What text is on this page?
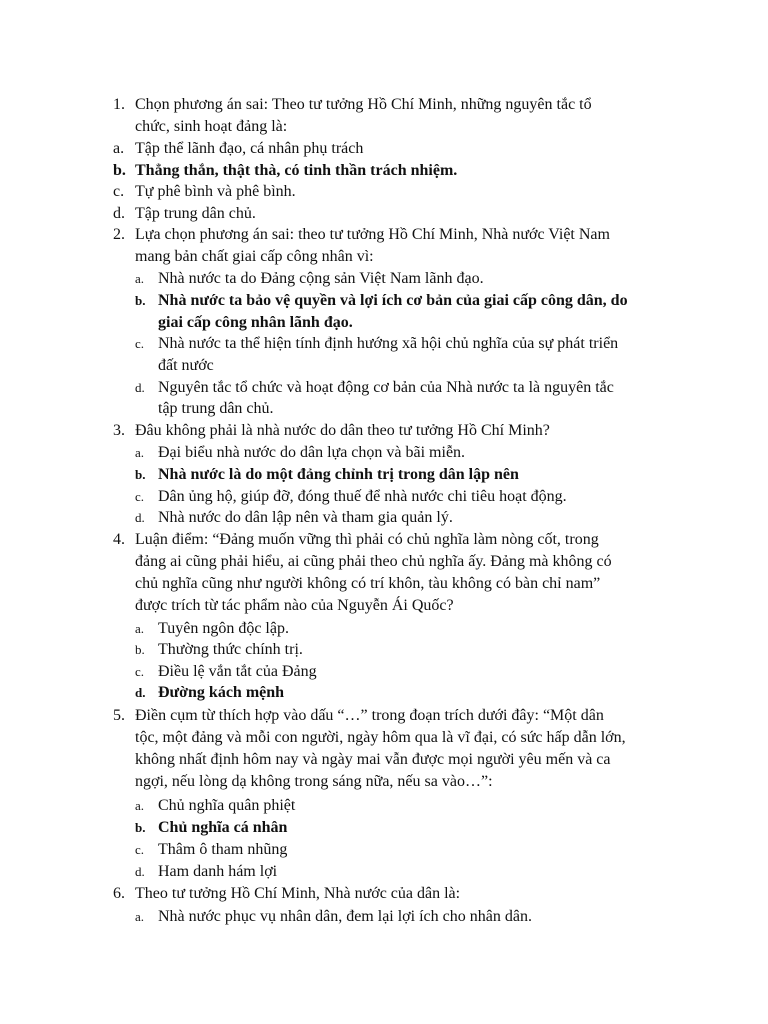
1. Chọn phương án sai: Theo tư tưởng Hồ Chí Minh, những nguyên tắc tổ
chức, sinh hoạt đảng là:
a. Tập thể lãnh đạo, cá nhân phụ trách
b. Thẳng thắn, thật thà, có tinh thần trách nhiệm.
c. Tự phê bình và phê bình.
d. Tập trung dân chủ.
2. Lựa chọn phương án sai: theo tư tưởng Hồ Chí Minh, Nhà nước Việt Nam
mang bản chất giai cấp công nhân vì:
a. Nhà nước ta do Đảng cộng sản Việt Nam lãnh đạo.
b. Nhà nước ta bảo vệ quyền và lợi ích cơ bản của giai cấp công dân, do
giai cấp công nhân lãnh đạo.
c. Nhà nước ta thể hiện tính định hướng xã hội chủ nghĩa của sự phát triển
đất nước
d. Nguyên tắc tổ chức và hoạt động cơ bản của Nhà nước ta là nguyên tắc
tập trung dân chủ.
3. Đâu không phải là nhà nước do dân theo tư tưởng Hồ Chí Minh?
a. Đại biểu nhà nước do dân lựa chọn và bãi miễn.
b. Nhà nước là do một đảng chỉnh trị trong dân lập nên
c. Dân ủng hộ, giúp đỡ, đóng thuế để nhà nước chi tiêu hoạt động.
d. Nhà nước do dân lập nên và tham gia quản lý.
4. Luận điểm: “Đảng muốn vững thì phải có chủ nghĩa làm nòng cốt, trong
đảng ai cũng phải hiểu, ai cũng phải theo chủ nghĩa ấy. Đảng mà không có
chủ nghĩa cũng như người không có trí khôn, tàu không có bàn chỉ nam”
được trích từ tác phẩm nào của Nguyễn Ái Quốc?
a. Tuyên ngôn độc lập.
b. Thường thức chính trị.
c. Điều lệ vắn tắt của Đảng
d. Đường kách mệnh
5. Điền cụm từ thích hợp vào dấu “…” trong đoạn trích dưới đây: “Một dân
tộc, một đảng và mỗi con người, ngày hôm qua là vĩ đại, có sức hấp dẫn lớn,
không nhất định hôm nay và ngày mai vẫn được mọi người yêu mến và ca
ngợi, nếu lòng dạ không trong sáng nữa, nếu sa vào…”:
a. Chủ nghĩa quân phiệt
b. Chủ nghĩa cá nhân
c. Thâm ô tham nhũng
d. Ham danh hám lợi
6. Theo tư tưởng Hồ Chí Minh, Nhà nước của dân là:
a. Nhà nước phục vụ nhân dân, đem lại lợi ích cho nhân dân.
